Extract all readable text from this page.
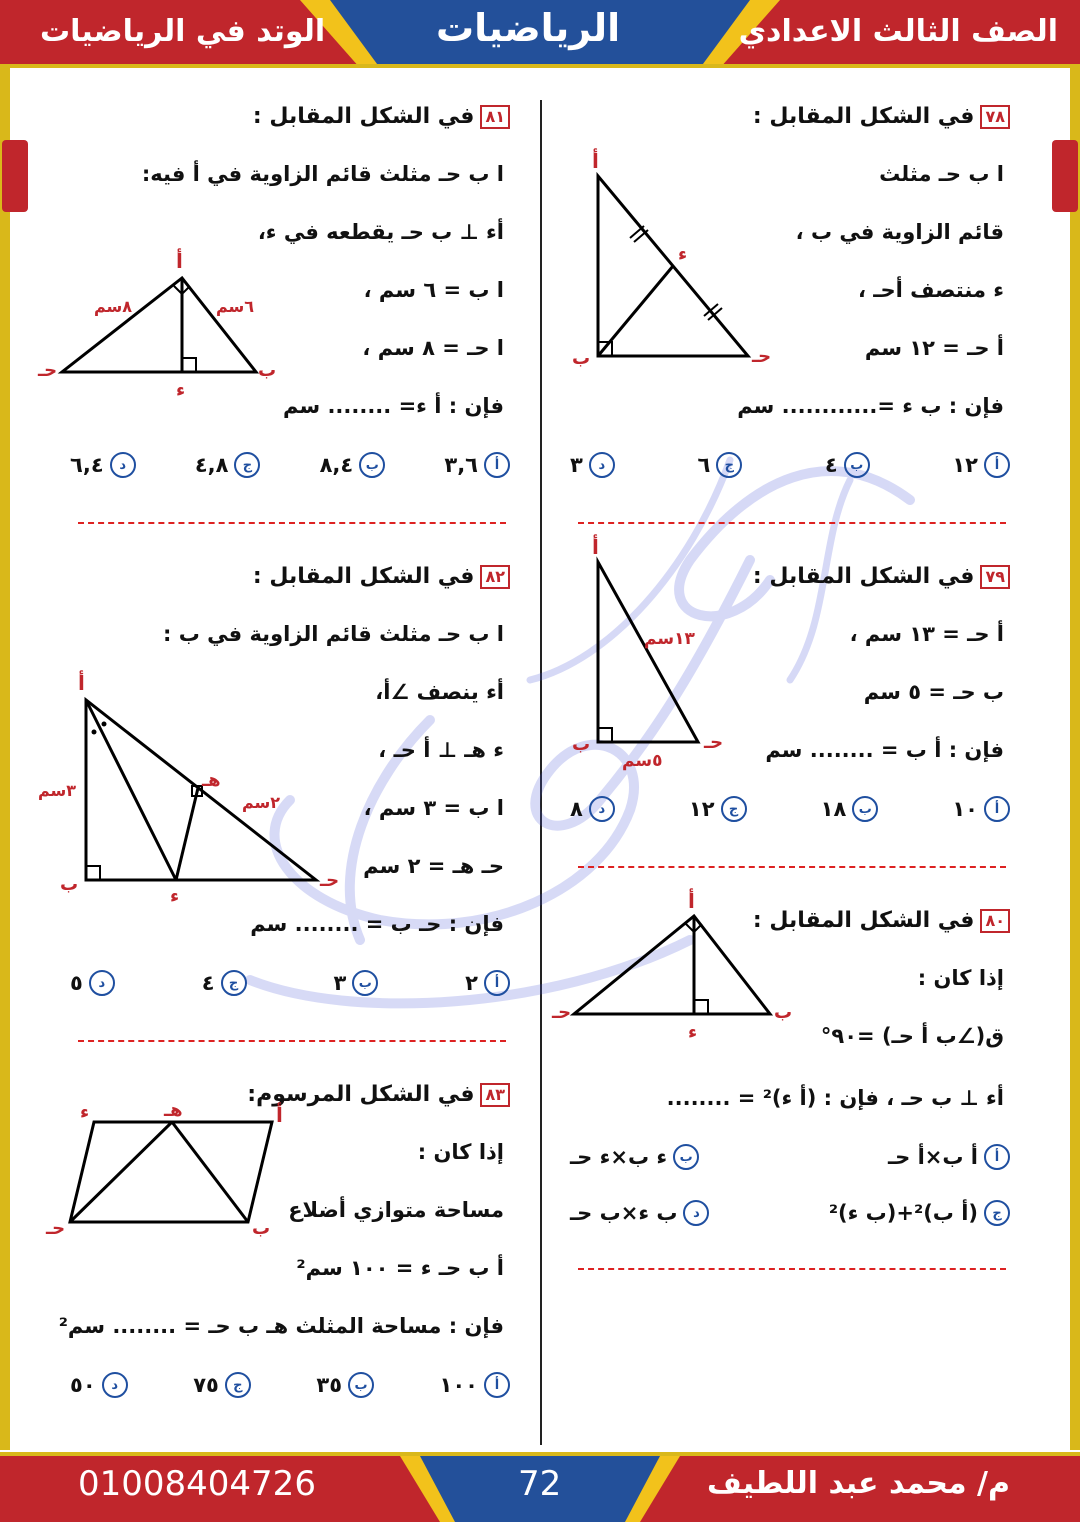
الصف الثالث الاعدادي
الرياضيات
الوتد في الرياضيات
م/ محمد عبد اللطيف
72
01008404726
٧٨في الشكل المقابل :
ا ب حـ مثلث
قائم الزاوية في ب ،
ء منتصف أحـ ،
أ حـ = ١٢ سم
فإن : ب ء =............ سم
أ
١٢
ب
٤
ج
٦
د
٣
أ
ب
ء
حـ
٧٩في الشكل المقابل :
أ حـ = ١٣ سم ،
ب حـ = ٥ سم
فإن : أ ب = ........ سم
أ
١٠
ب
١٨
ج
١٢
د
٨
أ
ب	حـ
١٣سم
٥سم
٨٠في الشكل المقابل :
إذا كان :
ق(∠ب أ حـ) =٩٠°
أء ⊥ ب حـ ، فإن : (أ ء)² = ........
أ
أ ب×أ حـ
ب
ء ب×ء حـ
ج
(أ ب)²+(ب ء)²
د
ب ء×ب حـ
أ
ب
حـ
ء
٨١في الشكل المقابل :
ا ب حـ مثلث قائم الزاوية في أ فيه:
أء ⊥ ب حـ يقطعه في ء،
ا ب = ٦ سم ،
ا حـ = ٨ سم ،
فإن : أ ء= ........ سم
أ
٣,٦
ب
٨,٤
ج
٤,٨
د
٦,٤
أ
ب
حـ
ء
٨سم	٦سم
٨٢في الشكل المقابل :
ا ب حـ مثلث قائم الزاوية في ب :
أء ينصف ∠أ،
ء هـ ⊥ أ حـ ،
ا ب = ٣ سم ،
حـ هـ = ٢ سم
فإن : حـ ب = ........ سم
أ
٢
ب
٣
ج
٤
د
٥
أ
ب	حـ
ء
هـ
٣سم
٢سم
٨٣في الشكل المرسوم:
إذا كان :
مساحة متوازي أضلاع
أ ب حـ ء = ١٠٠ سم²
فإن : مساحة المثلث هـ ب حـ = ........ سم²
أ
١٠٠
ب
٣٥
ج
٧٥
د
٥٠
أ
ب
حـ
ء	هـ
